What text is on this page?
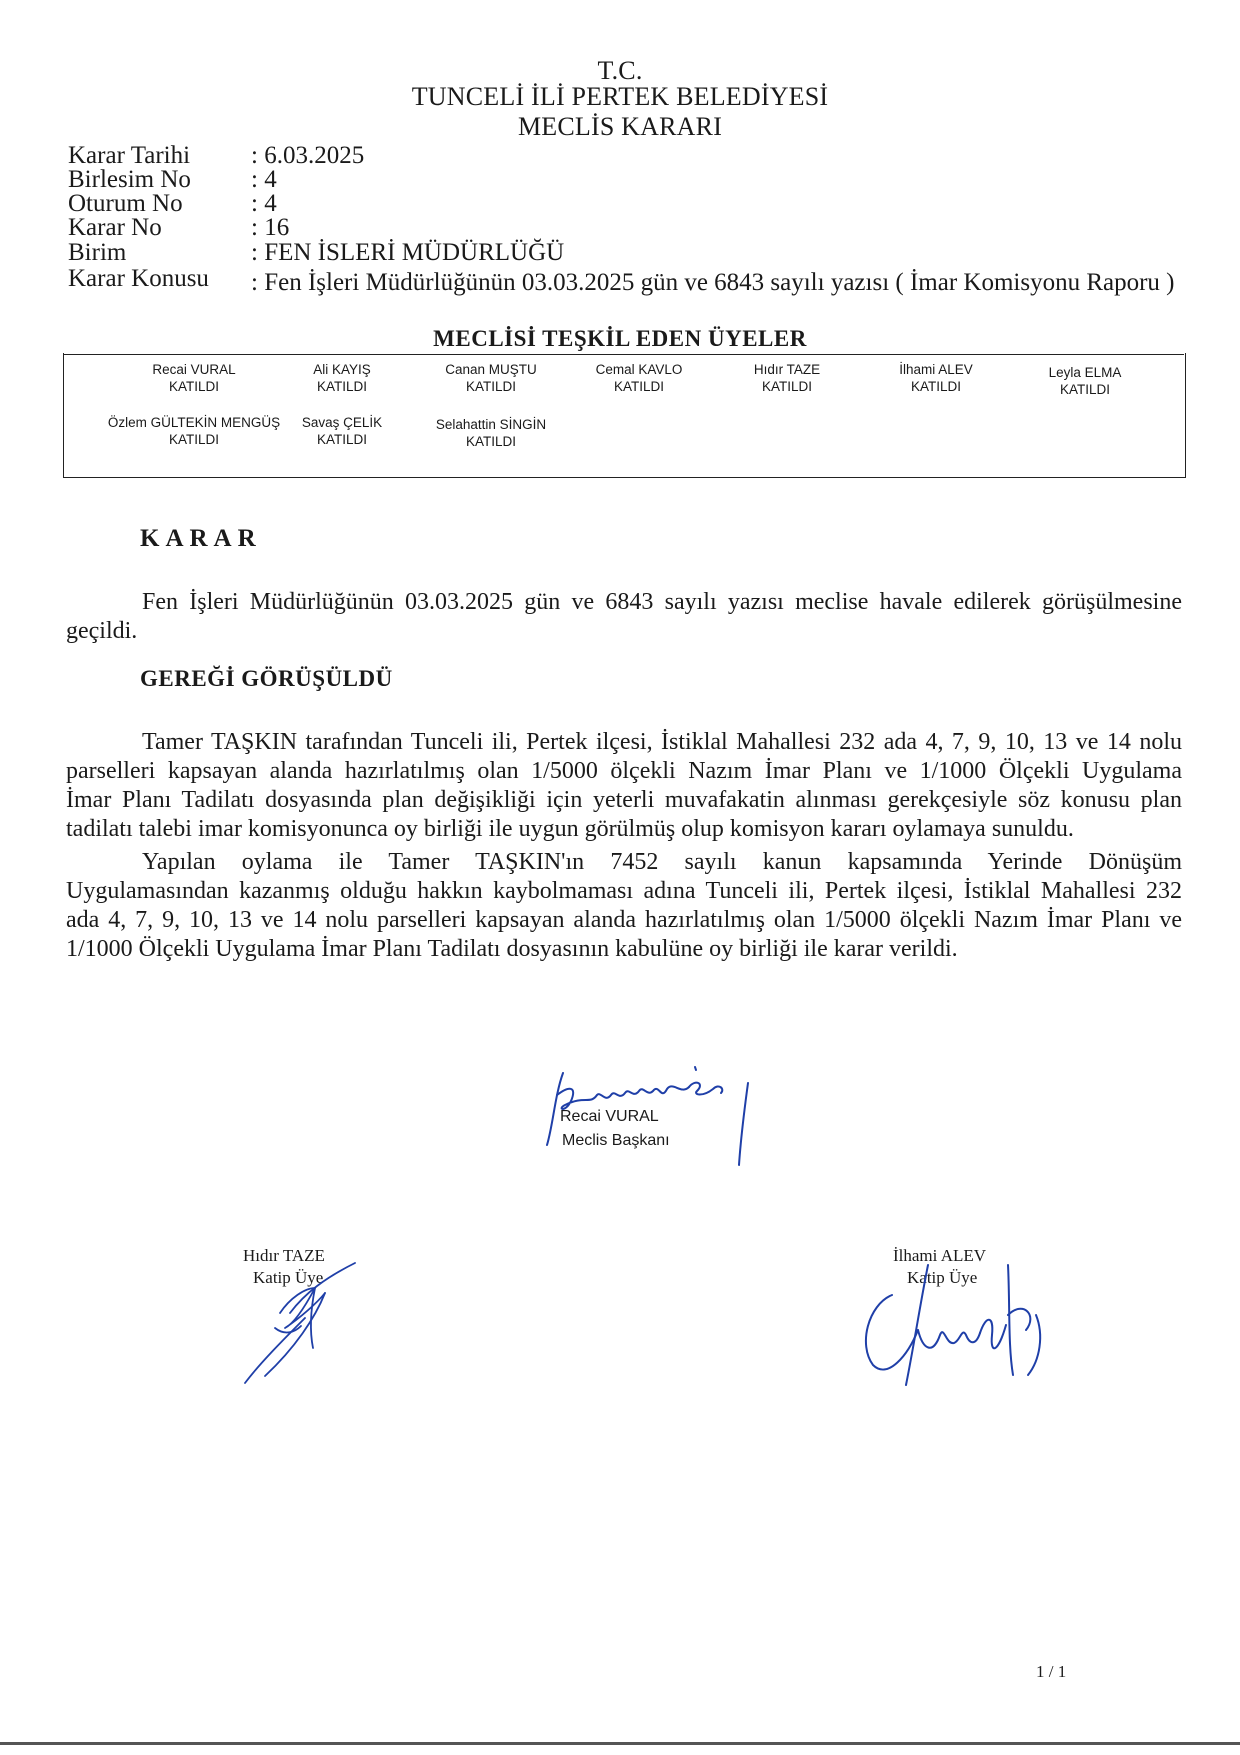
T.C.
TUNCELİ İLİ PERTEK BELEDİYESİ
MECLİS KARARI
Karar Tarihi : 6.03.2025
Birlesim No : 4
Oturum No	: 4
Karar No	: 16
Birim	: FEN İSLERİ MÜDÜRLÜĞÜ
Karar Konusu : Fen İşleri Müdürlüğünün 03.03.2025 gün ve 6843 sayılı yazısı ( İmar Komisyonu Raporu )
MECLİSİ TEŞKİL EDEN ÜYELER
Recai VURAL
KATILDI
Ali KAYIŞ
KATILDI
Canan MUŞTU
KATILDI
Cemal KAVLO
KATILDI
Hıdır TAZE
KATILDI
İlhami ALEV
KATILDI
Leyla ELMA
KATILDI
Özlem GÜLTEKİN MENGÜŞ
KATILDI
Savaş ÇELİK
KATILDI
Selahattin SİNGİN
KATILDI
KARAR
Fen İşleri Müdürlüğünün 03.03.2025 gün ve 6843 sayılı yazısı meclise havale edilerek görüşülmesine
geçildi.
GEREĞİ GÖRÜŞÜLDÜ
Tamer TAŞKIN tarafından Tunceli ili, Pertek ilçesi, İstiklal Mahallesi 232 ada 4, 7, 9, 10, 13 ve 14 nolu
parselleri kapsayan alanda hazırlatılmış olan 1/5000 ölçekli Nazım İmar Planı ve 1/1000 Ölçekli Uygulama
İmar Planı Tadilatı dosyasında plan değişikliği için yeterli muvafakatin alınması gerekçesiyle söz konusu plan
tadilatı talebi imar komisyonunca oy birliği ile uygun görülmüş olup komisyon kararı oylamaya sunuldu.
Yapılan oylama ile Tamer TAŞKIN'ın 7452 sayılı kanun kapsamında Yerinde Dönüşüm
Uygulamasından kazanmış olduğu hakkın kaybolmaması adına Tunceli ili, Pertek ilçesi, İstiklal Mahallesi 232
ada 4, 7, 9, 10, 13 ve 14 nolu parselleri kapsayan alanda hazırlatılmış olan 1/5000 ölçekli Nazım İmar Planı ve
1/1000 Ölçekli Uygulama İmar Planı Tadilatı dosyasının kabulüne oy birliği ile karar verildi.
Recai VURAL
Meclis Başkanı
Hıdır TAZE
Katip Üye
İlhami ALEV
Katip Üye
1 / 1
